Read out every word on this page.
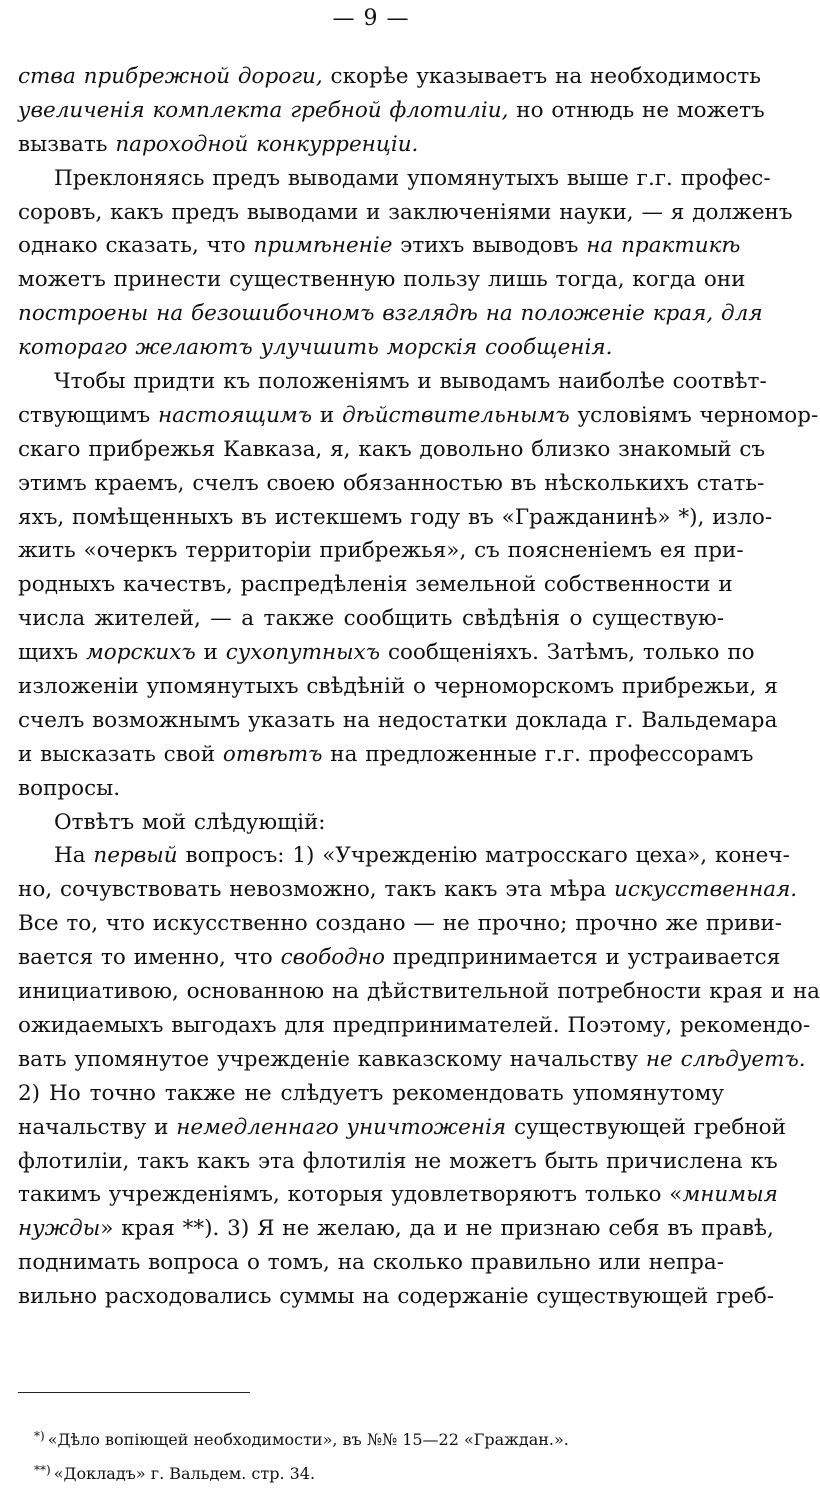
— 9 —
ства прибрежной дороги, скорѣе указываетъ на необходимость
увеличенія комплекта гребной флотиліи, но отнюдь не можетъ
вызвать пароходной конкурренціи.
Преклоняясь предъ выводами упомянутыхъ выше г.г. профес-
соровъ, какъ предъ выводами и заключеніями науки, — я долженъ
однако сказать, что примѣненіе этихъ выводовъ на практикѣ
можетъ принести существенную пользу лишь тогда, когда они
построены на безошибочномъ взглядѣ на положеніе края, для
котораго желаютъ улучшить морскія сообщенія.
Чтобы придти къ положеніямъ и выводамъ наиболѣе соотвѣт-
ствующимъ настоящимъ и дѣйствительнымъ условіямъ черномор-
скаго прибрежья Кавказа, я, какъ довольно близко знакомый съ
этимъ краемъ, счелъ своею обязанностью въ нѣсколькихъ стать-
яхъ, помѣщенныхъ въ истекшемъ году въ «Гражданинѣ» *), изло-
жить «очеркъ территоріи прибрежья», съ поясненіемъ ея при-
родныхъ качествъ, распредѣленія земельной собственности и
числа жителей, — а также сообщить свѣдѣнія о существую-
щихъ морскихъ и сухопутныхъ сообщеніяхъ. Затѣмъ, только по
изложеніи упомянутыхъ свѣдѣній о черноморскомъ прибрежьи, я
счелъ возможнымъ указать на недостатки доклада г. Вальдемара
и высказать свой отвѣтъ на предложенные г.г. профессорамъ
вопросы.
Отвѣтъ мой слѣдующій:
На первый вопросъ: 1) «Учрежденію матросскаго цеха», конеч-
но, сочувствовать невозможно, такъ какъ эта мѣра искусственная.
Все то, что искусственно создано — не прочно; прочно же приви-
вается то именно, что свободно предпринимается и устраивается
инициативою, основанною на дѣйствительной потребности края и на
ожидаемыхъ выгодахъ для предпринимателей. Поэтому, рекомендо-
вать упомянутое учрежденіе кавказскому начальству не слѣдуетъ.
2) Но точно также не слѣдуетъ рекомендовать упомянутому
начальству и немедленнаго уничтоженія существующей гребной
флотиліи, такъ какъ эта флотилія не можетъ быть причислена къ
такимъ учрежденіямъ, которыя удовлетворяютъ только «мнимыя
нужды» края **). 3) Я не желаю, да и не признаю себя въ правѣ,
поднимать вопроса о томъ, на сколько правильно или непра-
вильно расходовались суммы на содержаніе существующей греб-
*) «Дѣло вопіющей необходимости», въ №№ 15—22 «Граждан.».
**) «Докладъ» г. Вальдем. стр. 34.
